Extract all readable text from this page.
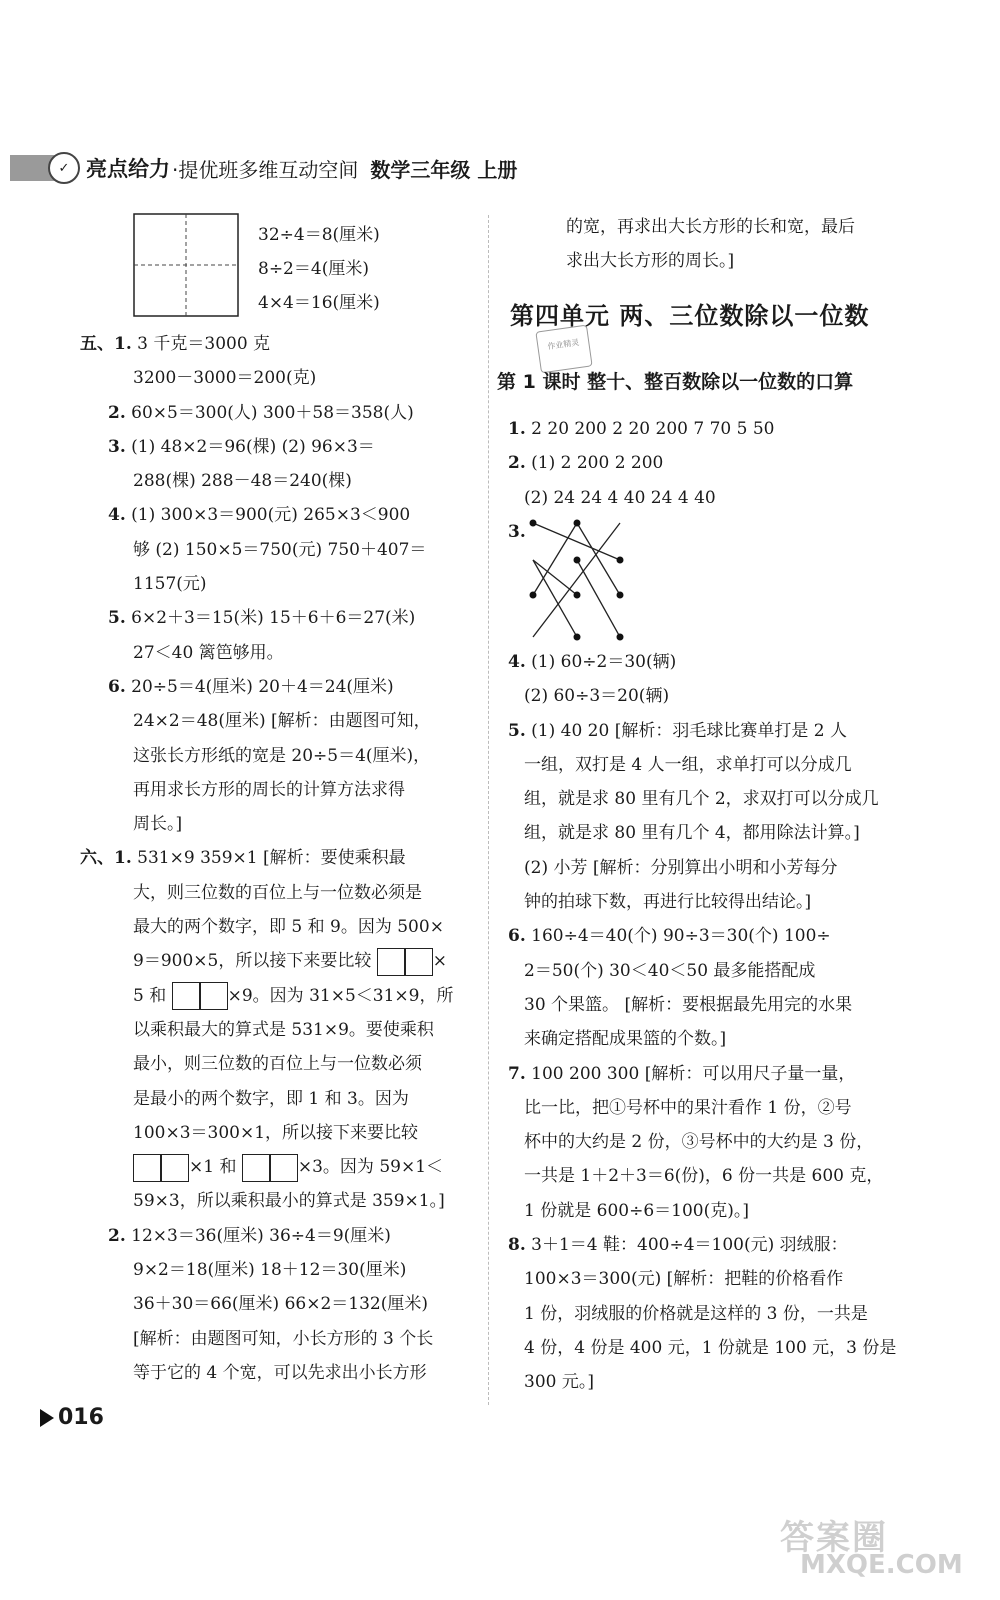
✓ 亮点给力 ·提优班多维互动空间 数学三年级 上册
32÷4＝8(厘米)
8÷2＝4(厘米)
4×4＝16(厘米)
五、1. 3 千克＝3000 克
3200－3000＝200(克)
2. 60×5＝300(人) 300＋58＝358(人)
3. (1) 48×2＝96(棵) (2) 96×3＝
288(棵) 288－48＝240(棵)
4. (1) 300×3＝900(元) 265×3＜900
够 (2) 150×5＝750(元) 750＋407＝
1157(元)
5. 6×2＋3＝15(米) 15＋6＋6＝27(米)
27＜40 篱笆够用。
6. 20÷5＝4(厘米) 20＋4＝24(厘米)
24×2＝48(厘米) [解析：由题图可知，
这张长方形纸的宽是 20÷5＝4(厘米)，
再用求长方形的周长的计算方法求得
周长。]
六、1. 531×9 359×1 [解析：要使乘积最
大，则三位数的百位上与一位数必须是
最大的两个数字，即 5 和 9。因为 500×
9＝900×5，所以接下来要比较	×
5 和	×9。因为 31×5＜31×9，所
以乘积最大的算式是 531×9。要使乘积
最小，则三位数的百位上与一位数必须
是最小的两个数字，即 1 和 3。因为
100×3＝300×1，所以接下来要比较
×1 和	×3。因为 59×1＜
59×3，所以乘积最小的算式是 359×1。]
2. 12×3＝36(厘米) 36÷4＝9(厘米)
9×2＝18(厘米) 18＋12＝30(厘米)
36＋30＝66(厘米) 66×2＝132(厘米)
[解析：由题图可知，小长方形的 3 个长
等于它的 4 个宽，可以先求出小长方形
的宽，再求出大长方形的长和宽，最后
求出大长方形的周长。]
第四单元 两、三位数除以一位数
作业精灵
第 1 课时 整十、整百数除以一位数的口算
1. 2 20 200 2 20 200 7 70 5 50
2. (1) 2 200 2 200
(2) 24 24 4 40 24 4 40
3.
4. (1) 60÷2＝30(辆)
(2) 60÷3＝20(辆)
5. (1) 40 20 [解析：羽毛球比赛单打是 2 人
一组，双打是 4 人一组，求单打可以分成几
组，就是求 80 里有几个 2，求双打可以分成几
组，就是求 80 里有几个 4，都用除法计算。]
(2) 小芳 [解析：分别算出小明和小芳每分
钟的拍球下数，再进行比较得出结论。]
6. 160÷4＝40(个) 90÷3＝30(个) 100÷
2＝50(个) 30＜40＜50 最多能搭配成
30 个果篮。 [解析：要根据最先用完的水果
来确定搭配成果篮的个数。]
7. 100 200 300 [解析：可以用尺子量一量，
比一比，把①号杯中的果汁看作 1 份，②号
杯中的大约是 2 份，③号杯中的大约是 3 份，
一共是 1＋2＋3＝6(份)，6 份一共是 600 克，
1 份就是 600÷6＝100(克)。]
8. 3＋1＝4 鞋：400÷4＝100(元) 羽绒服：
100×3＝300(元) [解析：把鞋的价格看作
1 份，羽绒服的价格就是这样的 3 份，一共是
4 份，4 份是 400 元，1 份就是 100 元，3 份是
300 元。]
016
答案圈
MXQE.COM
